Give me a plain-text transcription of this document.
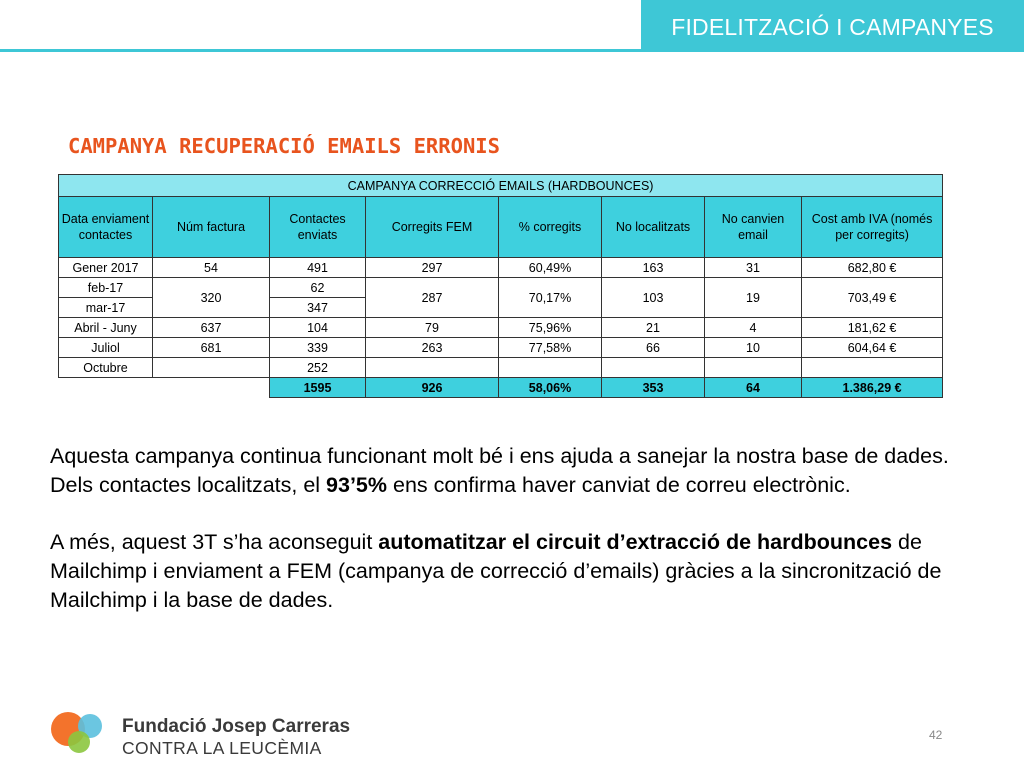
FIDELITZACIÓ I CAMPANYES
CAMPANYA RECUPERACIÓ EMAILS ERRONIS
CAMPANYA CORRECCIÓ EMAILS (HARDBOUNCES)							
Data enviament contactes	Núm factura	Contactes enviats	Corregits FEM	% corregits	No localitzats	No canvien email	Cost amb IVA (només per corregits)
Gener 2017	54	491	297	60,49%	163	31	682,80 €
feb-17	320	62	287	70,17%	103	19	703,49 €
mar-17		347					
Abril - Juny	637	104	79	75,96%	21	4	181,62 €
Juliol	681	339	263	77,58%	66	10	604,64 €
Octubre		252					
		1595	926	58,06%	353	64	1.386,29 €

Aquesta campanya continua funcionant molt bé i ens ajuda a sanejar la nostra base de dades. Dels contactes localitzats, el 93’5% ens confirma haver canviat de correu electrònic.

A més, aquest 3T s’ha aconseguit automatitzar el circuit d’extracció de hardbounces de Mailchimp i enviament a FEM (campanya de correcció d’emails) gràcies a la sincronització de Mailchimp i la base de dades.

Fundació Josep Carreras
CONTRA LA LEUCÈMIA
42
